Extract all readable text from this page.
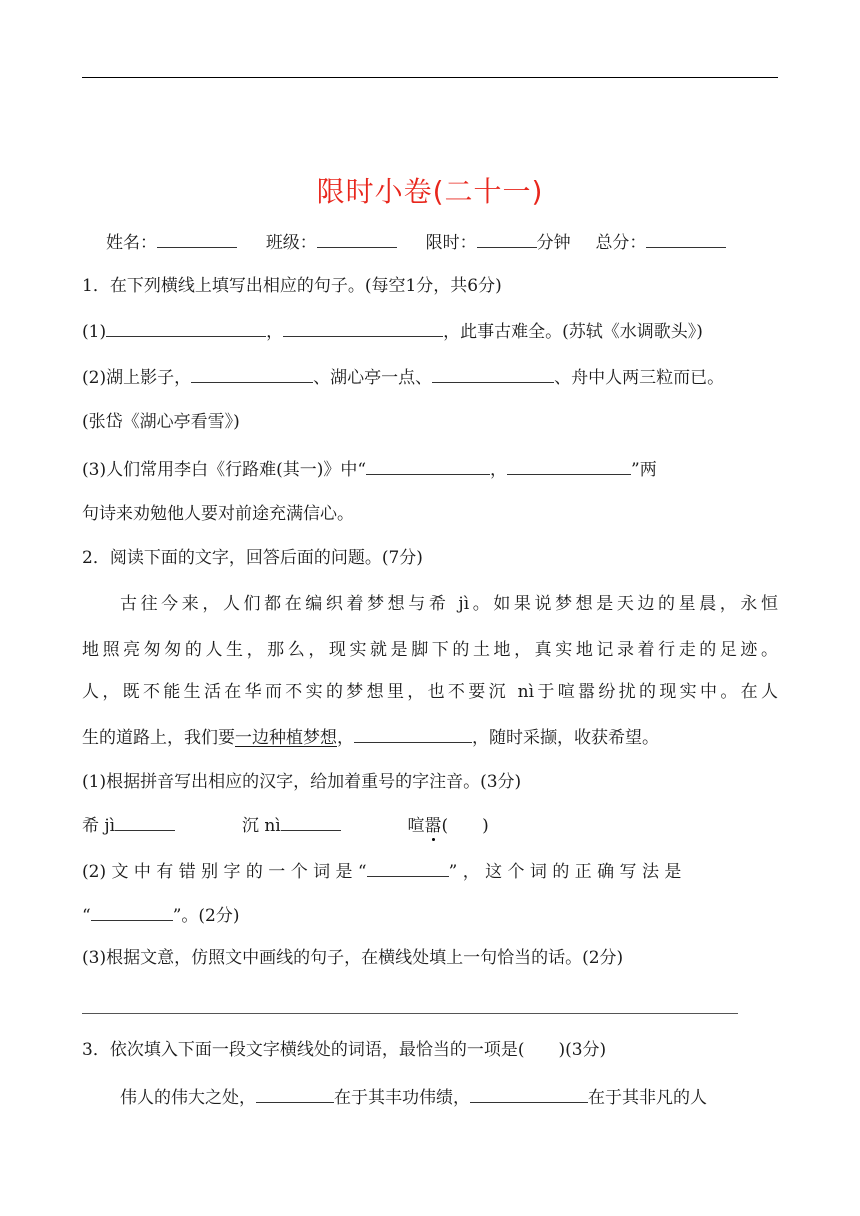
限时小卷(二十一)
姓名：	班级：	限时：	分钟 总分：
1．在下列横线上填写出相应的句子。(每空1分，共6分)
(1)	，	，此事古难全。(苏轼《水调歌头》)
(2)湖上影子，	、湖心亭一点、	、舟中人两三粒而已。
(张岱《湖心亭看雪》)
(3)人们常用李白《行路难(其一)》中“	，	”两
句诗来劝勉他人要对前途充满信心。
2．阅读下面的文字，回答后面的问题。(7分)
古往今来，人们都在编织着梦想与希 jì。如果说梦想是天边的星晨，永恒
地照亮匆匆的人生，那么，现实就是脚下的土地，真实地记录着行走的足迹。
人，既不能生活在华而不实的梦想里，也不要沉 nì于喧嚣纷扰的现实中。在人
生的道路上，我们要一边种植梦想，	，随时采撷，收获希望。
(1)根据拼音写出相应的汉字，给加着重号的字注音。(3分)
希 jì	沉 nì	喧嚣(　　)
(2) 文 中 有 错 别 字 的 一 个 词 是 “	” ， 这 个 词 的 正 确 写 法 是
“	”。(2分)
(3)根据文意，仿照文中画线的句子，在横线处填上一句恰当的话。(2分)
3．依次填入下面一段文字横线处的词语，最恰当的一项是(　　)(3分)
伟人的伟大之处，	在于其丰功伟绩，	在于其非凡的人
